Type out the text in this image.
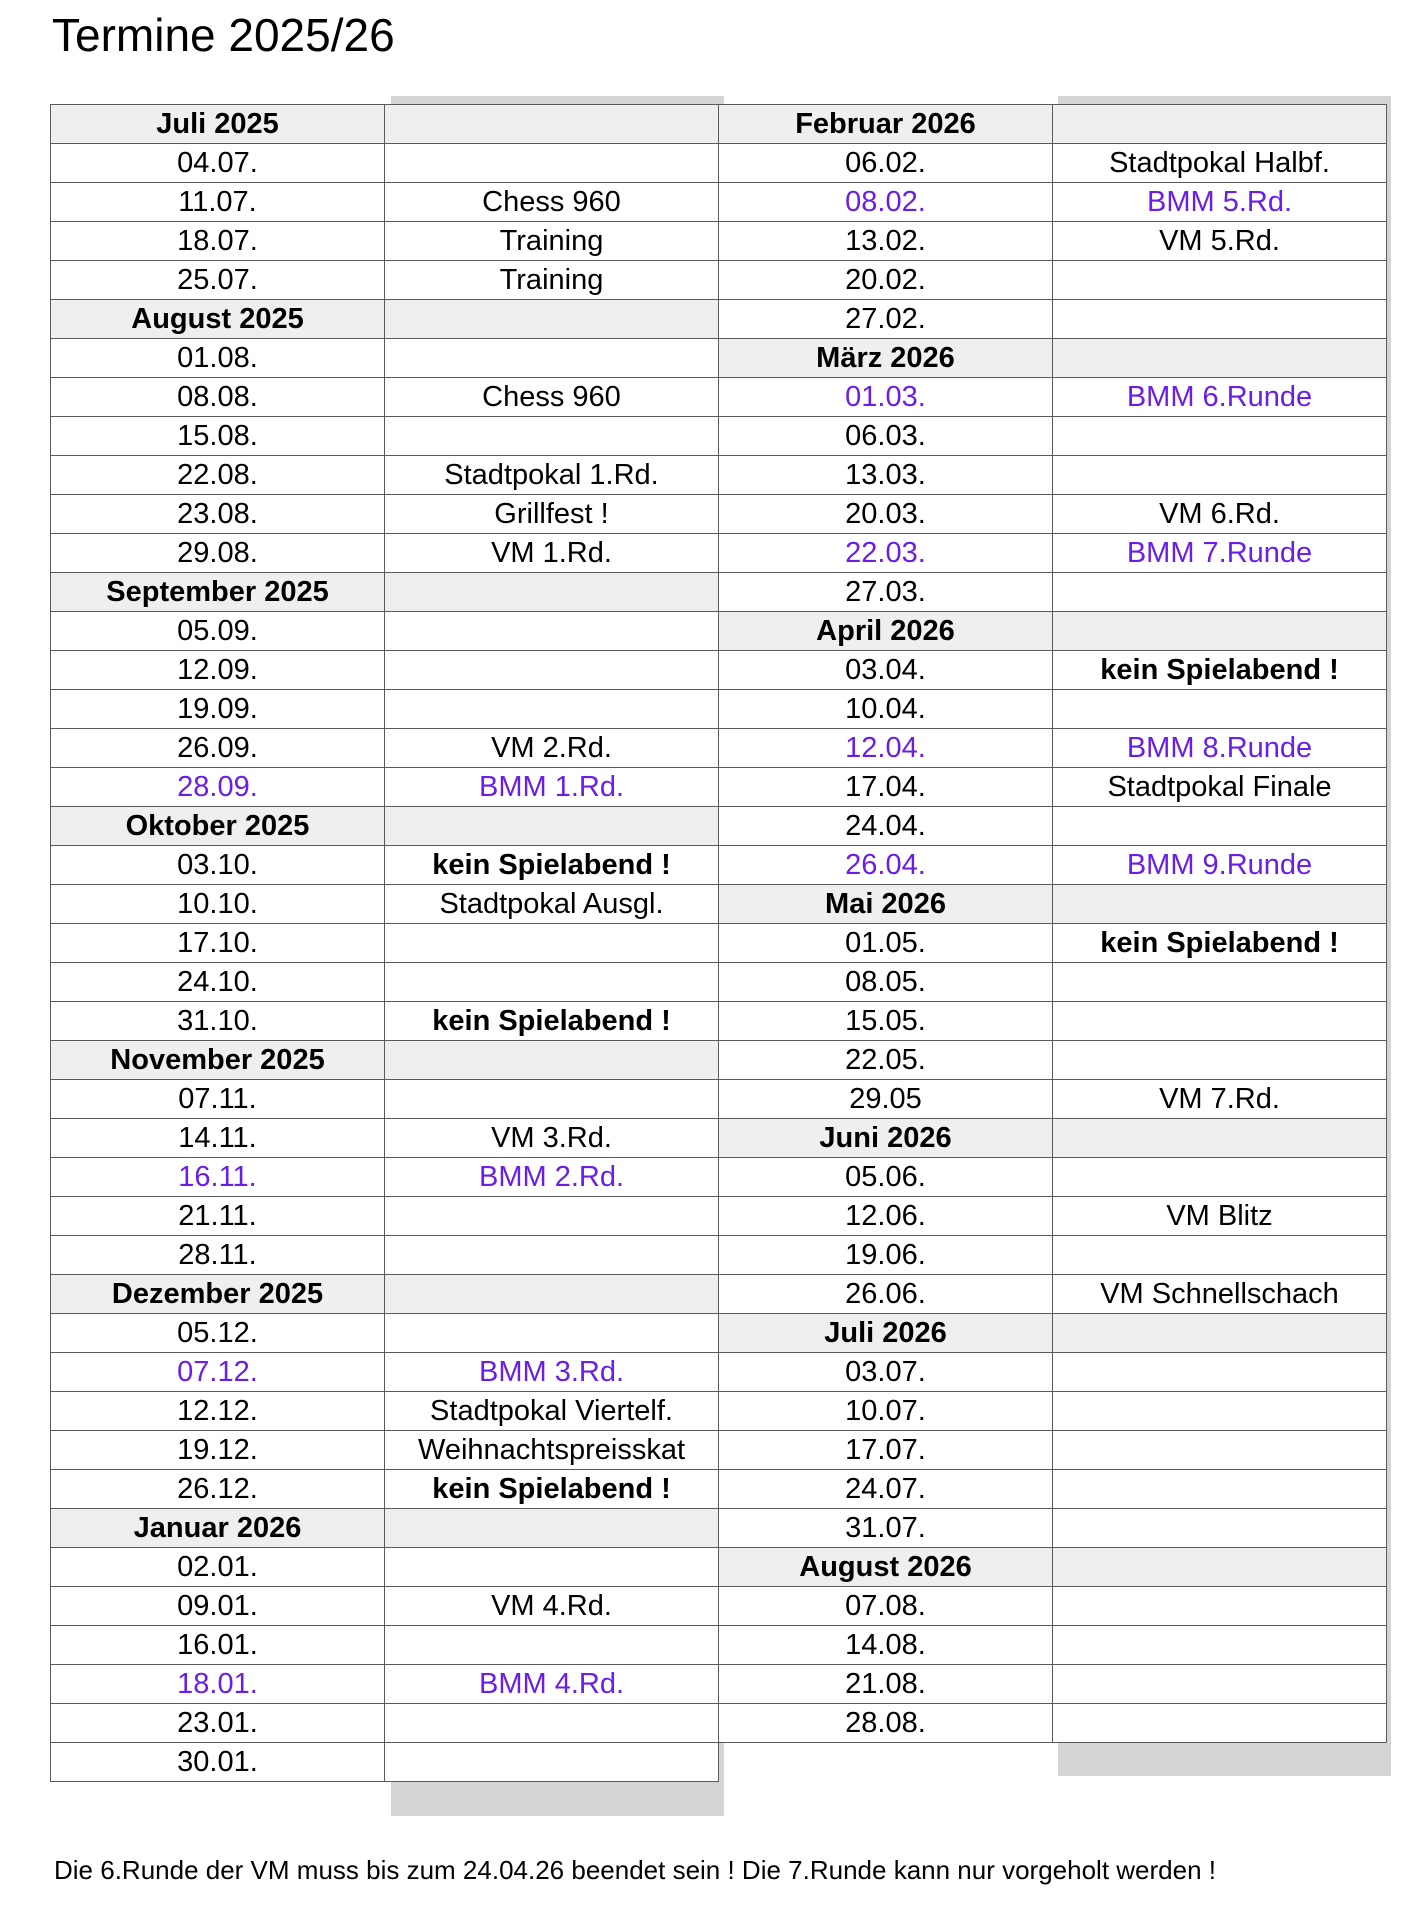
Termine 2025/26
Juli 2025	
04.07.	
11.07.	Chess 960
18.07.	Training
25.07.	Training
August 2025	
01.08.	
08.08.	Chess 960
15.08.	
22.08.	Stadtpokal 1.Rd.
23.08.	Grillfest !
29.08.	VM 1.Rd.
September 2025	
05.09.	
12.09.	
19.09.	
26.09.	VM 2.Rd.
28.09.	BMM 1.Rd.
Oktober 2025	
03.10.	kein Spielabend !
10.10.	Stadtpokal Ausgl.
17.10.	
24.10.	
31.10.	kein Spielabend !
November 2025	
07.11.	
14.11.	VM 3.Rd.
16.11.	BMM 2.Rd.
21.11.	
28.11.	
Dezember 2025	
05.12.	
07.12.	BMM 3.Rd.
12.12.	Stadtpokal Viertelf.
19.12.	Weihnachtspreisskat
26.12.	kein Spielabend !
Januar 2026	
02.01.	
09.01.	VM 4.Rd.
16.01.	
18.01.	BMM 4.Rd.
23.01.	
30.01.	
Februar 2026	
06.02.	Stadtpokal Halbf.
08.02.	BMM 5.Rd.
13.02.	VM 5.Rd.
20.02.	
27.02.	
März 2026	
01.03.	BMM 6.Runde
06.03.	
13.03.	
20.03.	VM 6.Rd.
22.03.	BMM 7.Runde
27.03.	
April 2026	
03.04.	kein Spielabend !
10.04.	
12.04.	BMM 8.Runde
17.04.	Stadtpokal Finale
24.04.	
26.04.	BMM 9.Runde
Mai 2026	
01.05.	kein Spielabend !
08.05.	
15.05.	
22.05.	
29.05	VM 7.Rd.
Juni 2026	
05.06.	
12.06.	VM Blitz
19.06.	
26.06.	VM Schnellschach
Juli 2026	
03.07.	
10.07.	
17.07.	
24.07.	
31.07.	
August 2026	
07.08.	
14.08.	
21.08.	
28.08.	

Die 6.Runde der VM muss bis zum 24.04.26 beendet sein ! Die 7.Runde kann nur vorgeholt werden !
